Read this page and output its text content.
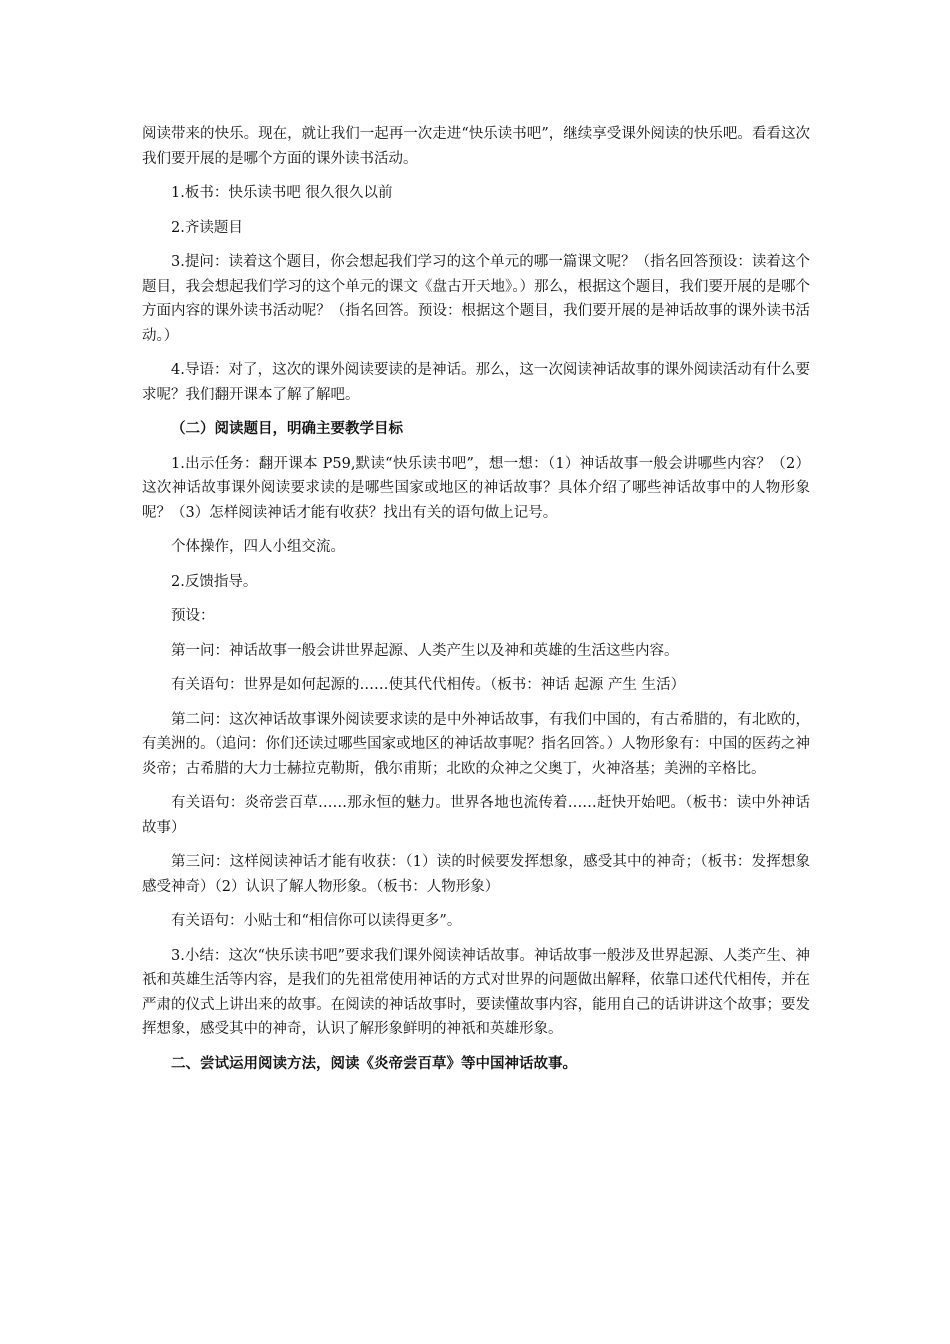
阅读带来的快乐。现在，就让我们一起再一次走进“快乐读书吧”，继续享受课外阅读的快乐吧。看看这次我们要开展的是哪个方面的课外读书活动。

1.板书：快乐读书吧 很久很久以前

2.齐读题目

3.提问：读着这个题目，你会想起我们学习的这个单元的哪一篇课文呢？（指名回答预设：读着这个题目，我会想起我们学习的这个单元的课文《盘古开天地》。）那么，根据这个题目，我们要开展的是哪个方面内容的课外读书活动呢？（指名回答。预设：根据这个题目，我们要开展的是神话故事的课外读书活动。）

4.导语：对了，这次的课外阅读要读的是神话。那么，这一次阅读神话故事的课外阅读活动有什么要求呢？我们翻开课本了解了解吧。

（二）阅读题目，明确主要教学目标

1.出示任务：翻开课本 P59,默读“快乐读书吧”，想一想：（1）神话故事一般会讲哪些内容？（2）这次神话故事课外阅读要求读的是哪些国家或地区的神话故事？具体介绍了哪些神话故事中的人物形象呢？（3）怎样阅读神话才能有收获？找出有关的语句做上记号。

个体操作，四人小组交流。

2.反馈指导。

预设：

第一问：神话故事一般会讲世界起源、人类产生以及神和英雄的生活这些内容。

有关语句：世界是如何起源的……使其代代相传。（板书：神话 起源 产生 生活）

第二问：这次神话故事课外阅读要求读的是中外神话故事，有我们中国的，有古希腊的，有北欧的，有美洲的。（追问：你们还读过哪些国家或地区的神话故事呢？指名回答。）人物形象有：中国的医药之神炎帝；古希腊的大力士赫拉克勒斯，俄尔甫斯；北欧的众神之父奥丁，火神洛基；美洲的辛格比。

有关语句：炎帝尝百草……那永恒的魅力。世界各地也流传着……赶快开始吧。（板书：读中外神话故事）

第三问：这样阅读神话才能有收获：（1）读的时候要发挥想象，感受其中的神奇；（板书：发挥想象 感受神奇）（2）认识了解人物形象。（板书：人物形象）

有关语句：小贴士和“相信你可以读得更多”。

3.小结：这次“快乐读书吧”要求我们课外阅读神话故事。神话故事一般涉及世界起源、人类产生、神祇和英雄生活等内容，是我们的先祖常使用神话的方式对世界的问题做出解释，依靠口述代代相传，并在严肃的仪式上讲出来的故事。在阅读的神话故事时，要读懂故事内容，能用自己的话讲讲这个故事；要发挥想象，感受其中的神奇，认识了解形象鲜明的神祇和英雄形象。

二、尝试运用阅读方法，阅读《炎帝尝百草》等中国神话故事。
